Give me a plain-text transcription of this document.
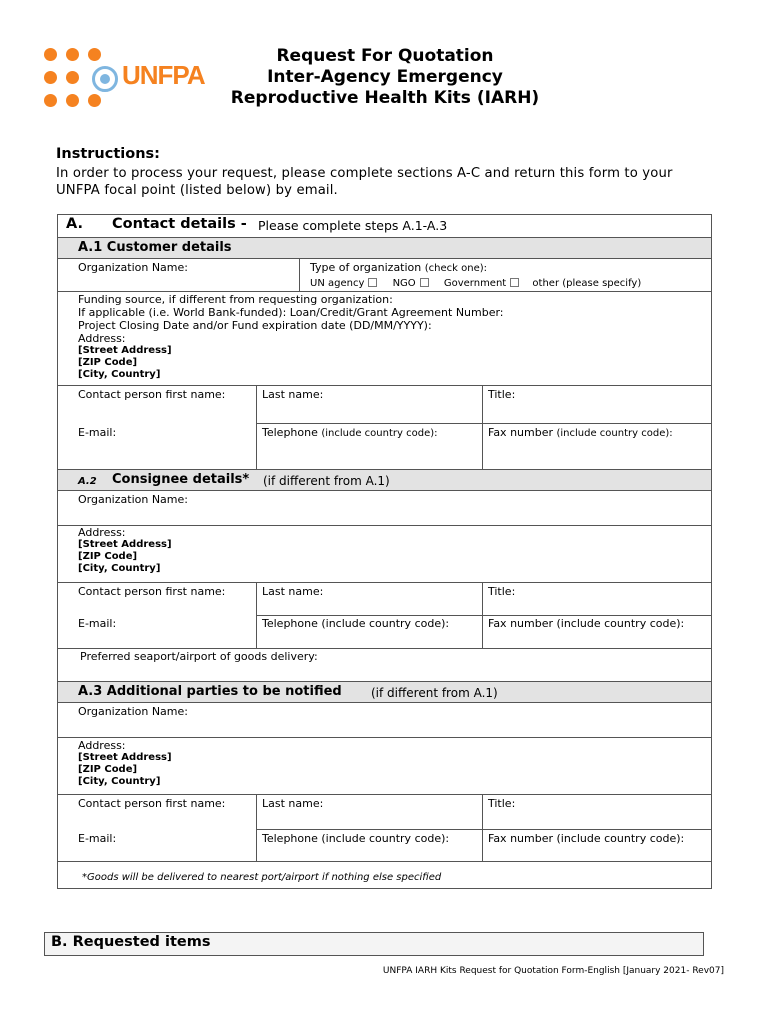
UNFPA
Request For Quotation
Inter-Agency Emergency
Reproductive Health Kits (IARH)
Instructions:
In order to process your request, please complete sections A-C and return this form to your UNFPA focal point (listed below) by email.
A. Contact details - Please complete steps A.1-A.3
A.1 Customer details
Organization Name:	Type of organization (check one):
UN agency	NGO	Government	other (please specify)
Funding source, if different from requesting organization:
If applicable (i.e. World Bank-funded): Loan/Credit/Grant Agreement Number:
Project Closing Date and/or Fund expiration date (DD/MM/YYYY):
Address:
[Street Address]
[ZIP Code]
[City, Country]
Contact person first name:	Last name:	Title:
E-mail:	Telephone (include country code):	Fax number (include country code):
A.2 Consignee details* (if different from A.1)
Organization Name:
Address:
[Street Address]
[ZIP Code]
[City, Country]
Contact person first name:	Last name:	Title:
E-mail:	Telephone (include country code):	Fax number (include country code):
Preferred seaport/airport of goods delivery:
A.3 Additional parties to be notified (if different from A.1)
Organization Name:
Address:
[Street Address]
[ZIP Code]
[City, Country]
Contact person first name:	Last name:	Title:
E-mail:	Telephone (include country code):	Fax number (include country code):
*Goods will be delivered to nearest port/airport if nothing else specified
B. Requested items
UNFPA IARH Kits Request for Quotation Form-English [January 2021- Rev07]
